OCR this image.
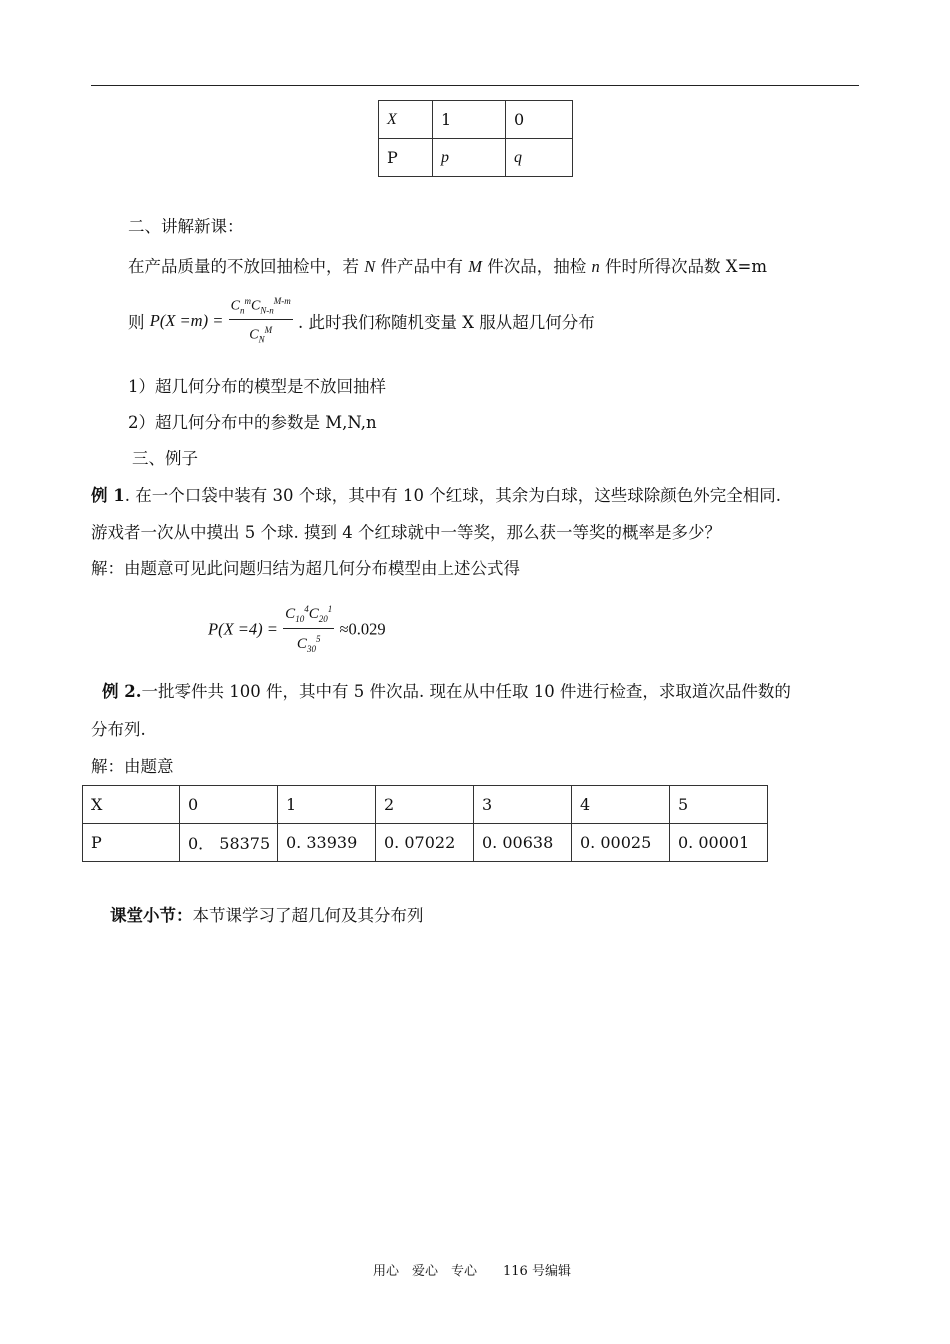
X	1	0
P	p	q
二、讲解新课：
在产品质量的不放回抽检中，若 N 件产品中有 M 件次品，抽检 n 件时所得次品数 X=m
则 $P(X =m) = \frac{C_n^mC_{N-n}^{M-m}}{C_N^M}$ . 此时我们称随机变量 X 服从超几何分布
1）超几何分布的模型是不放回抽样
2）超几何分布中的参数是 M,N,n
三、例子
例 1. 在一个口袋中装有 30 个球，其中有 10 个红球，其余为白球，这些球除颜色外完全相同.
游戏者一次从中摸出 5 个球. 摸到 4 个红球就中一等奖，那么获一等奖的概率是多少？
解：由题意可见此问题归结为超几何分布模型由上述公式得
$P(X =4) = \frac{C_{10}^4C_{20}^1}{C_{30}^5} \approx 0.029$
例 2.一批零件共 100 件，其中有 5 件次品. 现在从中任取 10 件进行检查，求取道次品件数的
分布列.
解：由题意
X	0	1	2	3	4	5
P	0． 58375	0. 33939	0. 07022	0. 00638	0. 00025	0. 00001
课堂小节：本节课学习了超几何及其分布列
用心　爱心　专心　　116 号编辑
